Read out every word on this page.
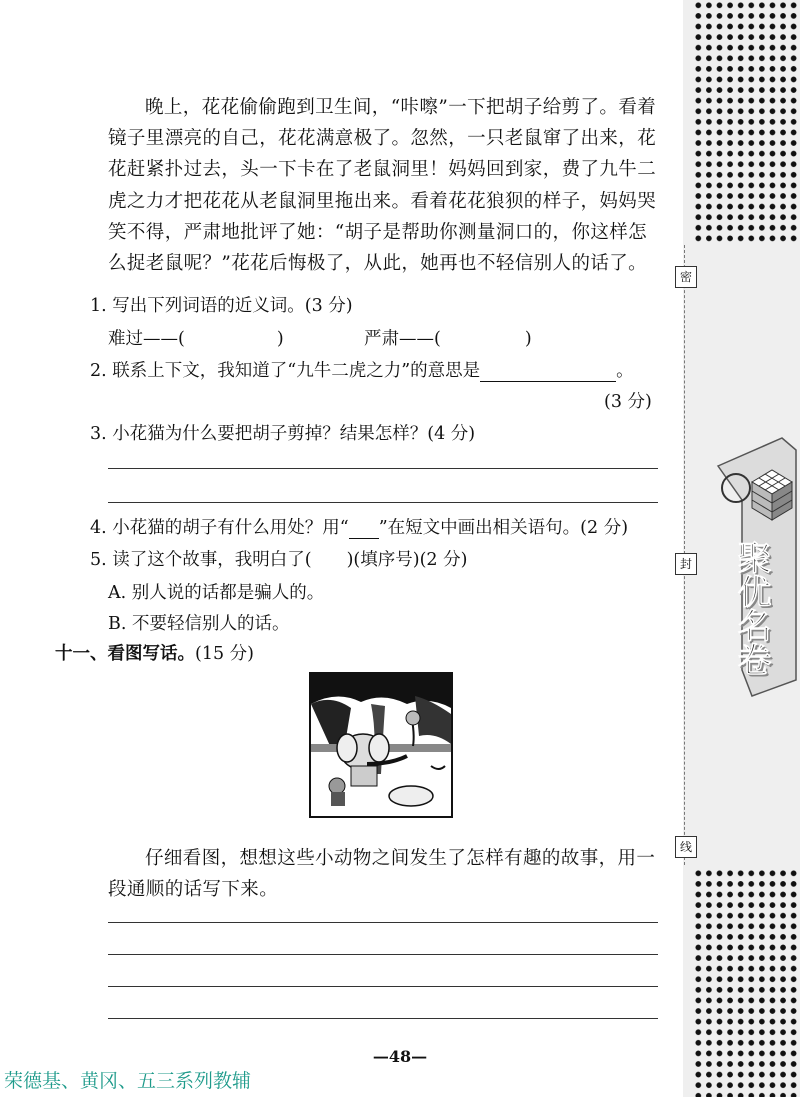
密
封
线
聚优名卷
晚上，花花偷偷跑到卫生间，“咔嚓”一下把胡子给剪了。看着镜子里漂亮的自己，花花满意极了。忽然，一只老鼠窜了出来，花花赶紧扑过去，头一下卡在了老鼠洞里！妈妈回到家，费了九牛二虎之力才把花花从老鼠洞里拖出来。看着花花狼狈的样子，妈妈哭笑不得，严肃地批评了她：“胡子是帮助你测量洞口的，你这样怎么捉老鼠呢？”花花后悔极了，从此，她再也不轻信别人的话了。
1. 写出下列词语的近义词。(3 分)
难过——(	)	严肃——(	)
2. 联系上下文，我知道了“九牛二虎之力”的意思是	。
(3 分)
3. 小花猫为什么要把胡子剪掉？结果怎样？(4 分)
4. 小花猫的胡子有什么用处？用“ ”在短文中画出相关语句。(2 分)
5. 读了这个故事，我明白了(　　)(填序号)(2 分)
A. 别人说的话都是骗人的。
B. 不要轻信别人的话。
十一、看图写话。(15 分)
仔细看图，想想这些小动物之间发生了怎样有趣的故事，用一段通顺的话写下来。
—48—
荣德基、黄冈、五三系列教辅
